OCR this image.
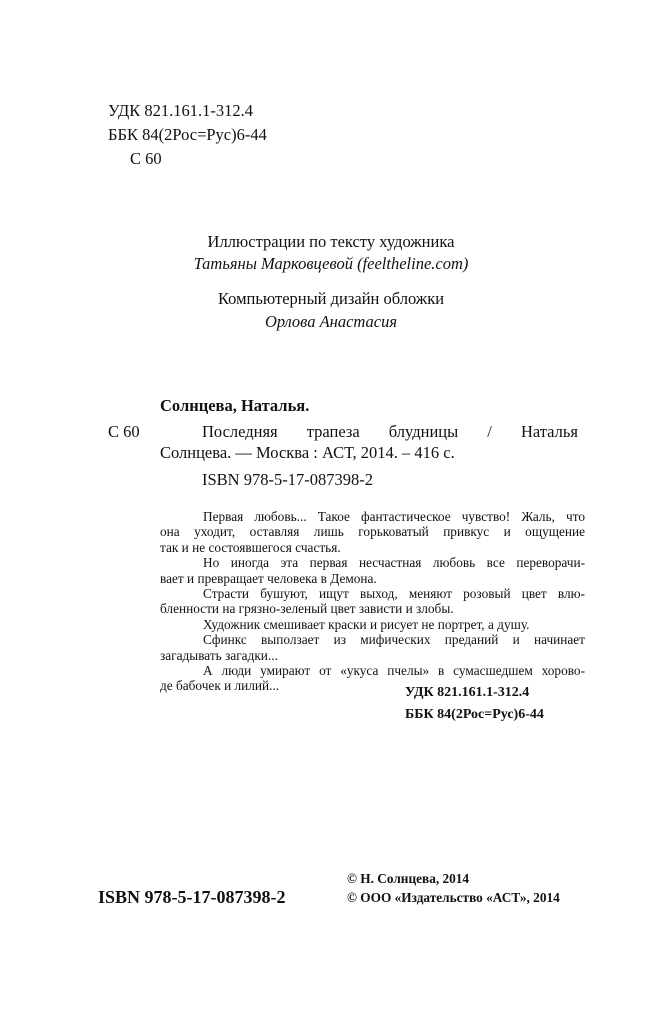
УДК 821.161.1-312.4
ББК 84(2Рос=Рус)6-44
С 60
Иллюстрации по тексту художника
Татьяны Марковцевой (feeltheline.com)
Компьютерный дизайн обложки
Орлова Анастасия
Солнцева, Наталья.
С 60	Последняя трапеза блудницы / Наталья
Солнцева. — Москва : АСТ, 2014. – 416 с.
ISBN 978-5-17-087398-2
Первая любовь... Такое фантастическое чувство! Жаль, что
она уходит, оставляя лишь горьковатый привкус и ощущение
так и не состоявшегося счастья.
Но иногда эта первая несчастная любовь все переворачи-
вает и превращает человека в Демона.
Страсти бушуют, ищут выход, меняют розовый цвет влю-
бленности на грязно-зеленый цвет зависти и злобы.
Художник смешивает краски и рисует не портрет, а душу.
Сфинкс выползает из мифических преданий и начинает
загадывать загадки...
А люди умирают от «укуса пчелы» в сумасшедшем хорово-
де бабочек и лилий...	УДК 821.161.1-312.4
ББК 84(2Рос=Рус)6-44
© Н. Солнцева, 2014
ISBN 978-5-17-087398-2	© ООО «Издательство «АСТ», 2014
